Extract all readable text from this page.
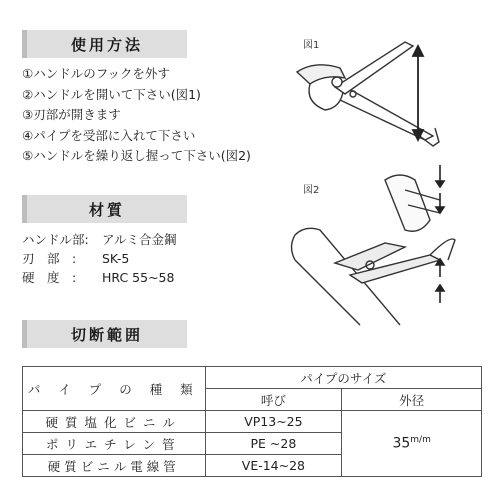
使用方法
①ハンドルのフックを外す
②ハンドルを開いて下さい(図1)
③刃部が開きます
④パイプを受部に入れて下さい
⑤ハンドルを繰り返し握って下さい(図2)
図1
図2
材質
ハンドル部:	アルミ合金鋼
刃　部　:	SK-5
硬　度　:	HRC 55~58
切断範囲
パ イ プ の 種 類	パイプのサイズ	
	呼び	外径
硬質塩化ビニル	VP13~25	$35^{m/m}$
ポリエチレン管	PE ~28	
硬質ビニル電線管	VE-14~28	
